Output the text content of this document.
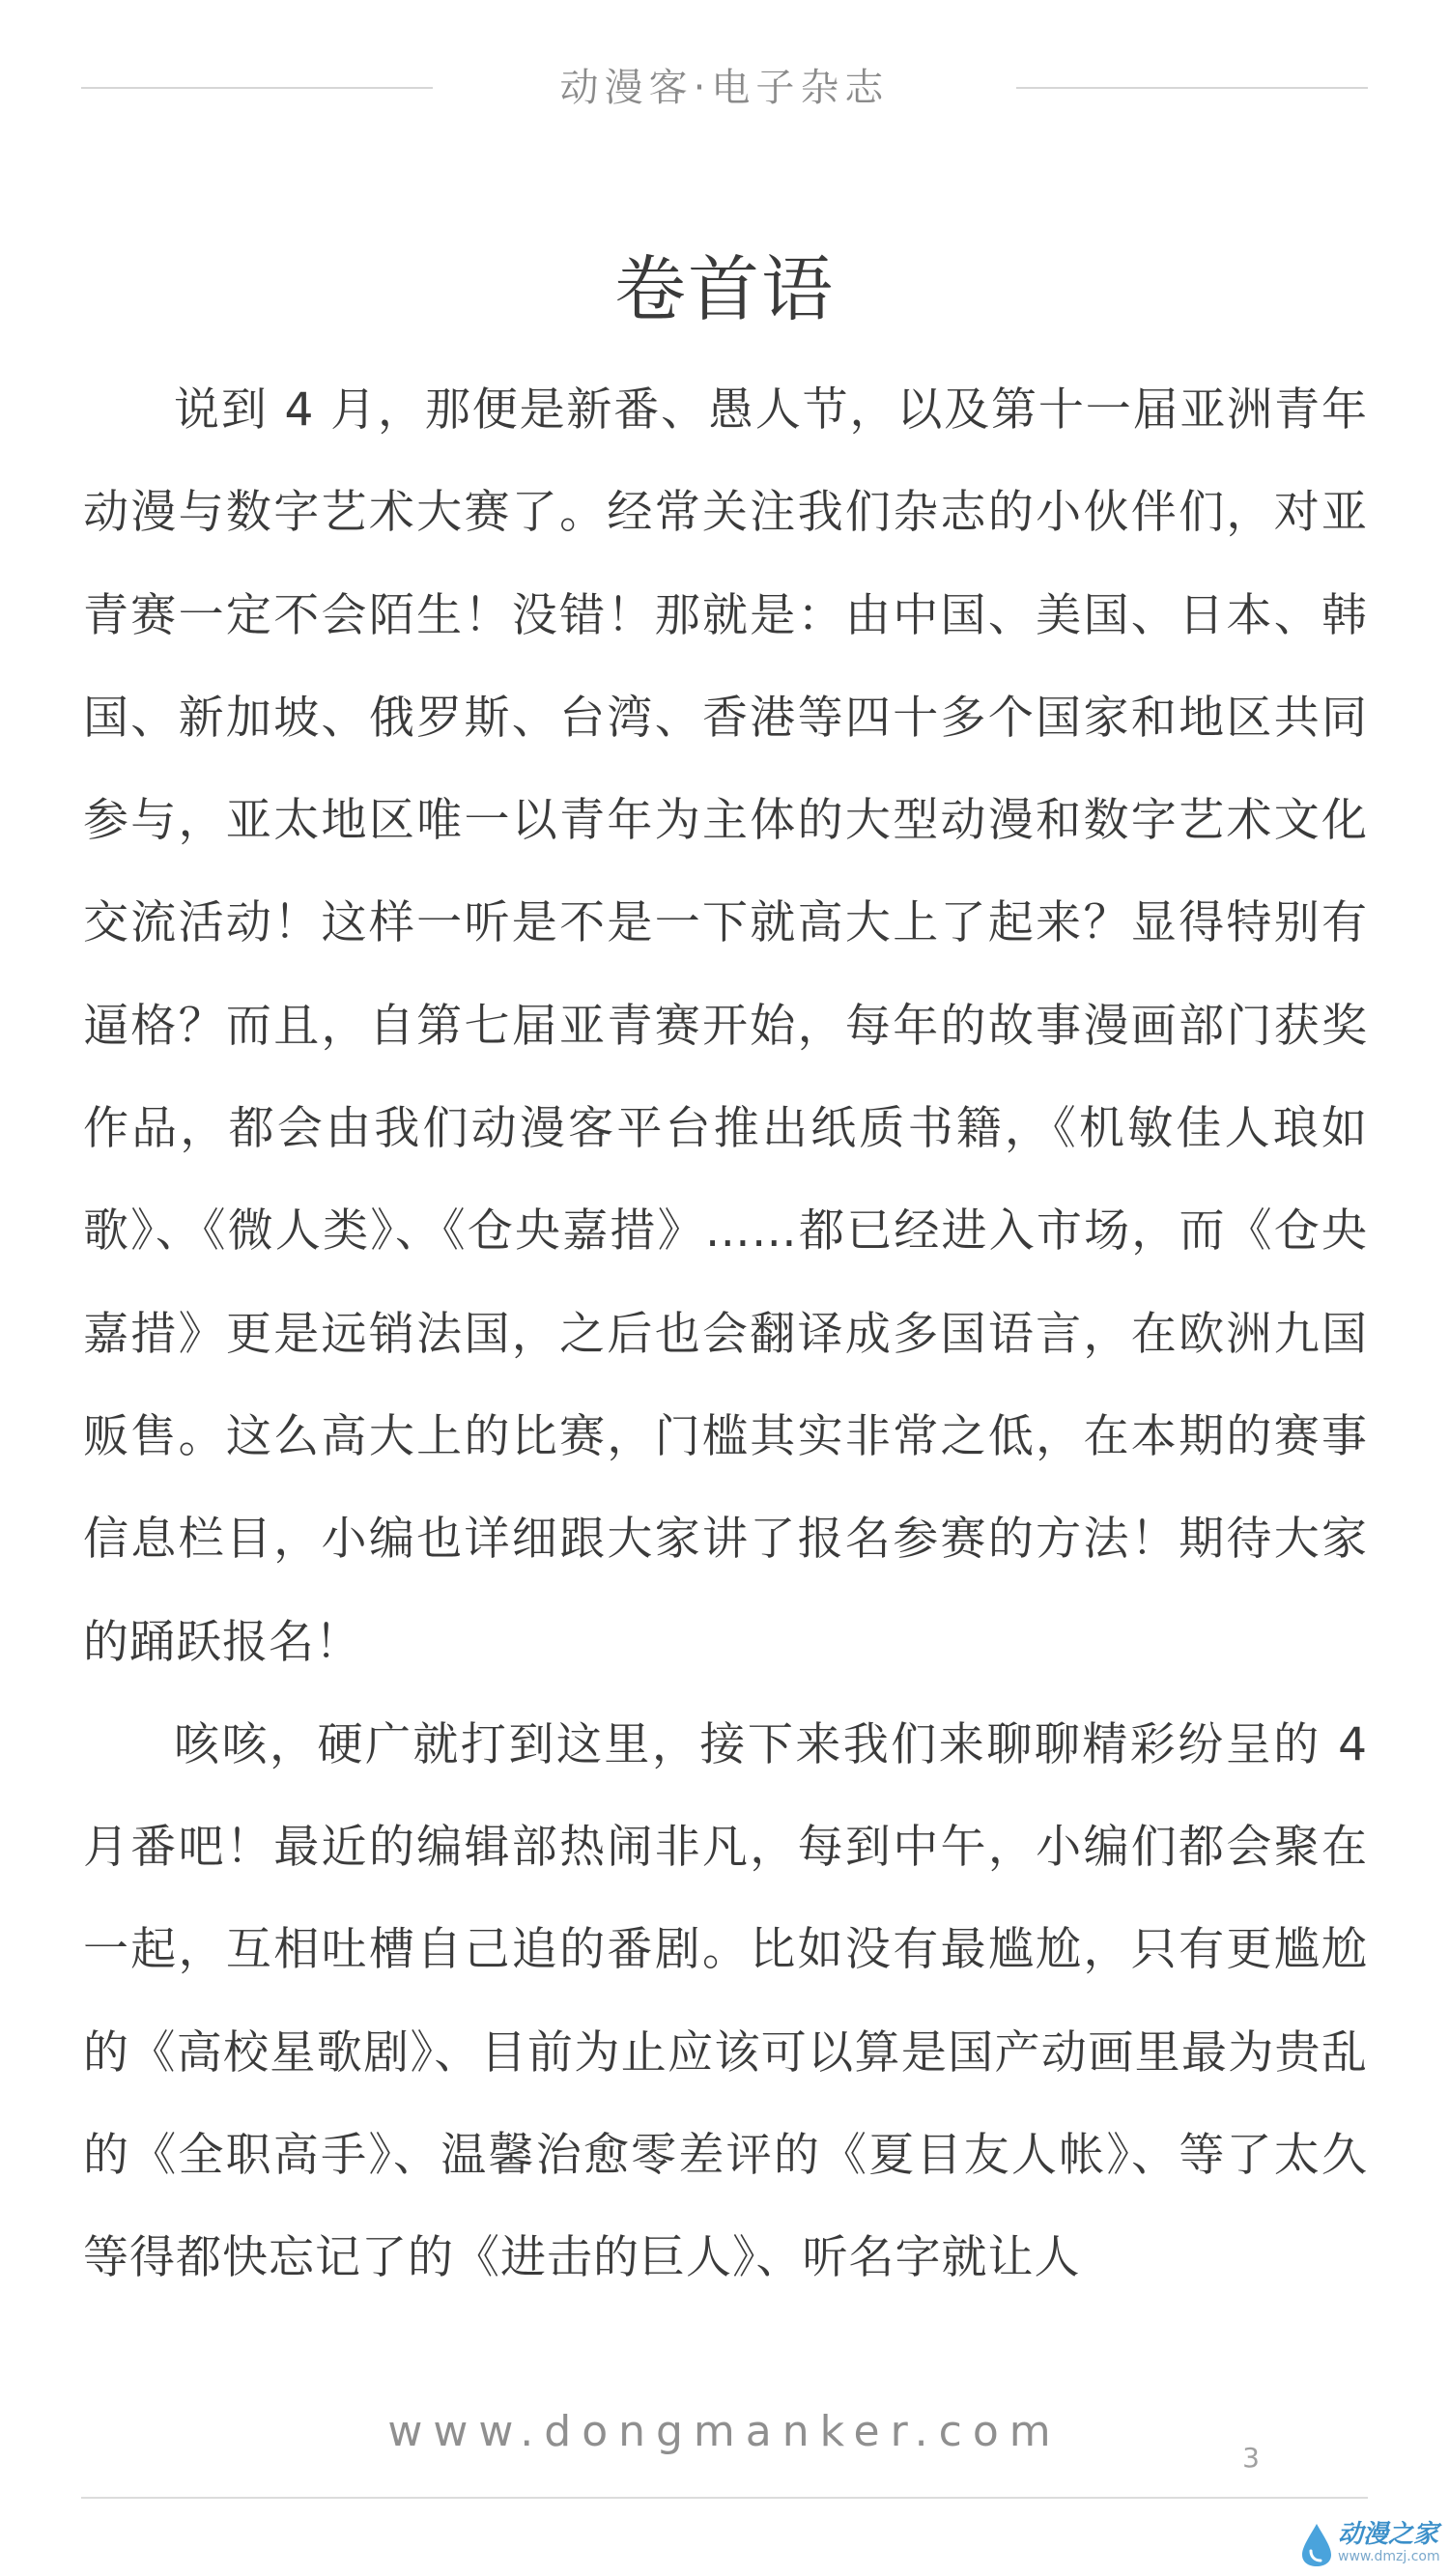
动漫客·电子杂志
卷首语

说到 4 月，那便是新番、愚人节，以及第十一届亚洲青年动漫与数字艺术大赛了。经常关注我们杂志的小伙伴们，对亚青赛一定不会陌生！没错！那就是：由中国、美国、日本、韩国、新加坡、俄罗斯、台湾、香港等四十多个国家和地区共同参与，亚太地区唯一以青年为主体的大型动漫和数字艺术文化交流活动！这样一听是不是一下就高大上了起来？显得特别有逼格？而且，自第七届亚青赛开始，每年的故事漫画部门获奖作品，都会由我们动漫客平台推出纸质书籍，《机敏佳人琅如歌》、《微人类》、《仓央嘉措》……都已经进入市场，而《仓央嘉措》更是远销法国，之后也会翻译成多国语言，在欧洲九国贩售。这么高大上的比赛，门槛其实非常之低，在本期的赛事信息栏目，小编也详细跟大家讲了报名参赛的方法！期待大家的踊跃报名！

咳咳，硬广就打到这里，接下来我们来聊聊精彩纷呈的 4 月番吧！最近的编辑部热闹非凡，每到中午，小编们都会聚在一起，互相吐槽自己追的番剧。比如没有最尴尬，只有更尴尬的《高校星歌剧》、目前为止应该可以算是国产动画里最为贵乱的《全职高手》、温馨治愈零差评的《夏目友人帐》、等了太久等得都快忘记了的《进击的巨人》、听名字就让人

www.dongmanker.com
3
动漫之家
www.dmzj.com
